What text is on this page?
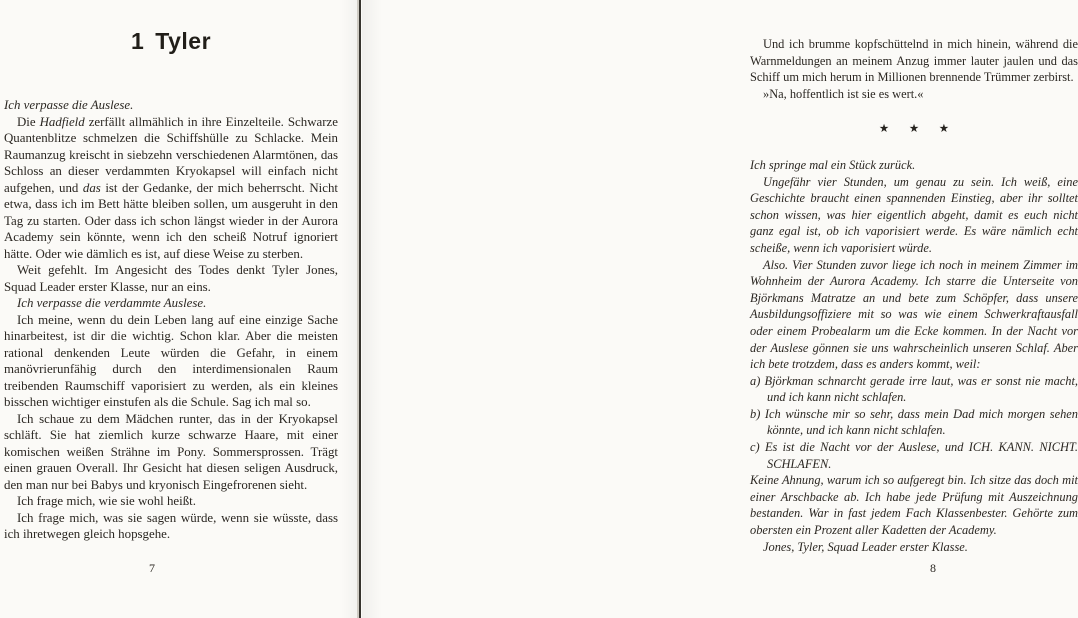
1 Tyler

Ich verpasse die Auslese.

Die Hadfield zerfällt allmählich in ihre Einzelteile. Schwarze Quantenblitze schmelzen die Schiffshülle zu Schlacke. Mein Raumanzug kreischt in siebzehn verschiedenen Alarmtönen, das Schloss an dieser verdammten Kryokapsel will einfach nicht aufgehen, und das ist der Gedanke, der mich beherrscht. Nicht etwa, dass ich im Bett hätte bleiben sollen, um ausgeruht in den Tag zu starten. Oder dass ich schon längst wieder in der Aurora Academy sein könnte, wenn ich den scheiß Notruf ignoriert hätte. Oder wie dämlich es ist, auf diese Weise zu sterben.

Weit gefehlt. Im Angesicht des Todes denkt Tyler Jones, Squad Leader erster Klasse, nur an eins.

Ich verpasse die verdammte Auslese.

Ich meine, wenn du dein Leben lang auf eine einzige Sache hinarbeitest, ist dir die wichtig. Schon klar. Aber die meisten rational denkenden Leute würden die Gefahr, in einem manövrierunfähig durch den interdimensionalen Raum treibenden Raumschiff vaporisiert zu werden, als ein kleines bisschen wichtiger einstufen als die Schule. Sag ich mal so.

Ich schaue zu dem Mädchen runter, das in der Kryokapsel schläft. Sie hat ziemlich kurze schwarze Haare, mit einer komischen weißen Strähne im Pony. Sommersprossen. Trägt einen grauen Overall. Ihr Gesicht hat diesen seligen Ausdruck, den man nur bei Babys und kryonisch Eingefrorenen sieht.

Ich frage mich, wie sie wohl heißt.

Ich frage mich, was sie sagen würde, wenn sie wüsste, dass ich ihretwegen gleich hopsgehe.

7

Und ich brumme kopfschüttelnd in mich hinein, während die Warnmeldungen an meinem Anzug immer lauter jaulen und das Schiff um mich herum in Millionen brennende Trümmer zerbirst.

»Na, hoffentlich ist sie es wert.«

★ ★ ★

Ich springe mal ein Stück zurück.

Ungefähr vier Stunden, um genau zu sein. Ich weiß, eine Geschichte braucht einen spannenden Einstieg, aber ihr solltet schon wissen, was hier eigentlich abgeht, damit es euch nicht ganz egal ist, ob ich vaporisiert werde. Es wäre nämlich echt scheiße, wenn ich vaporisiert würde.

Also. Vier Stunden zuvor liege ich noch in meinem Zimmer im Wohnheim der Aurora Academy. Ich starre die Unterseite von Björkmans Matratze an und bete zum Schöpfer, dass unsere Ausbildungsoffiziere mit so was wie einem Schwerkraftausfall oder einem Probealarm um die Ecke kommen. In der Nacht vor der Auslese gönnen sie uns wahrscheinlich unseren Schlaf. Aber ich bete trotzdem, dass es anders kommt, weil:

a) Björkman schnarcht gerade irre laut, was er sonst nie macht, und ich kann nicht schlafen.

b) Ich wünsche mir so sehr, dass mein Dad mich morgen sehen könnte, und ich kann nicht schlafen.

c) Es ist die Nacht vor der Auslese, und ICH. KANN. NICHT. SCHLAFEN.

Keine Ahnung, warum ich so aufgeregt bin. Ich sitze das doch mit einer Arschbacke ab. Ich habe jede Prüfung mit Auszeichnung bestanden. War in fast jedem Fach Klassenbester. Gehörte zum obersten ein Prozent aller Kadetten der Academy.

Jones, Tyler, Squad Leader erster Klasse.

8
